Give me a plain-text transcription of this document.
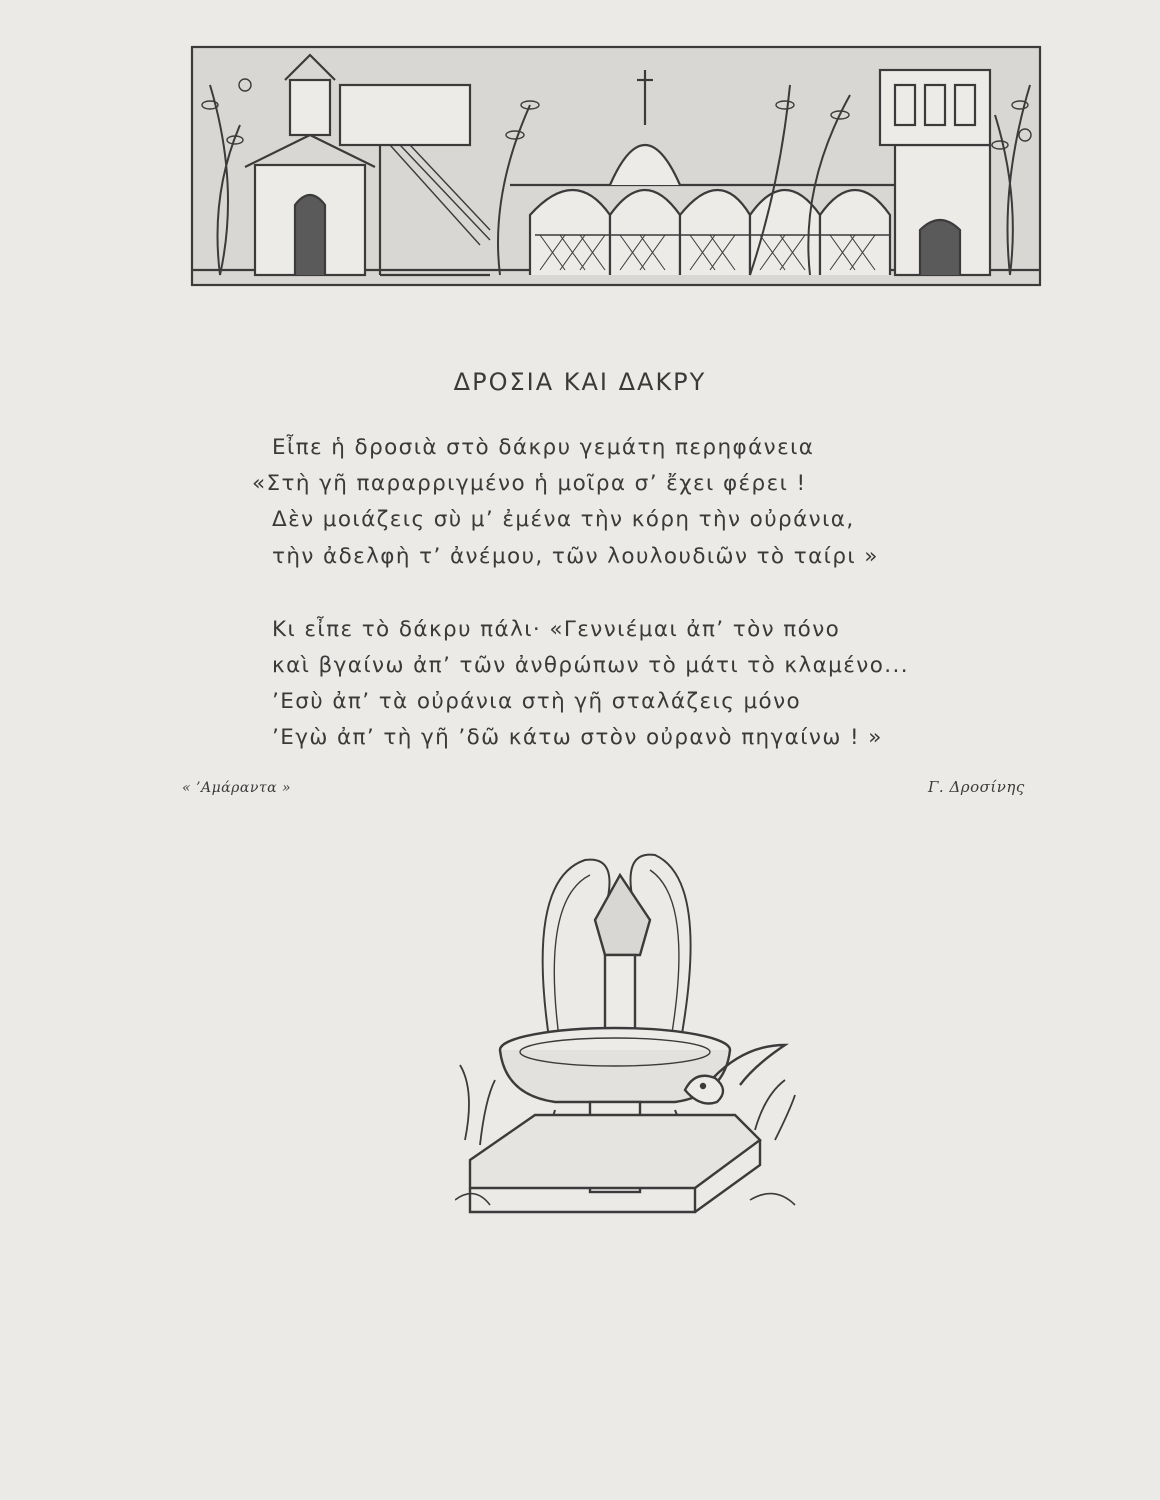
ΔΡΟΣΙΑ ΚΑΙ ΔΑΚΡΥ
Εἶπε ἡ δροσιὰ στὸ δάκρυ γεμάτη περηφάνεια
«Στὴ γῆ παραρριγμένο ἡ μοῖρα σ’ ἔχει φέρει !
Δὲν μοιάζεις σὺ μ’ ἐμένα τὴν κόρη τὴν οὐράνια,
τὴν ἀδελφὴ τ’ ἀνέμου, τῶν λουλουδιῶν τὸ ταίρι »
Κι εἶπε τὸ δάκρυ πάλι· «Γεννιέμαι ἀπ’ τὸν πόνο
καὶ βγαίνω ἀπ’ τῶν ἀνθρώπων τὸ μάτι τὸ κλαμένο...
’Εσὺ ἀπ’ τὰ οὐράνια στὴ γῆ σταλάζεις μόνο
’Εγὼ ἀπ’ τὴ γῆ ’δῶ κάτω στὸν οὐρανὸ πηγαίνω ! »
« ’Αμάραντα »	Γ. Δροσίνης
